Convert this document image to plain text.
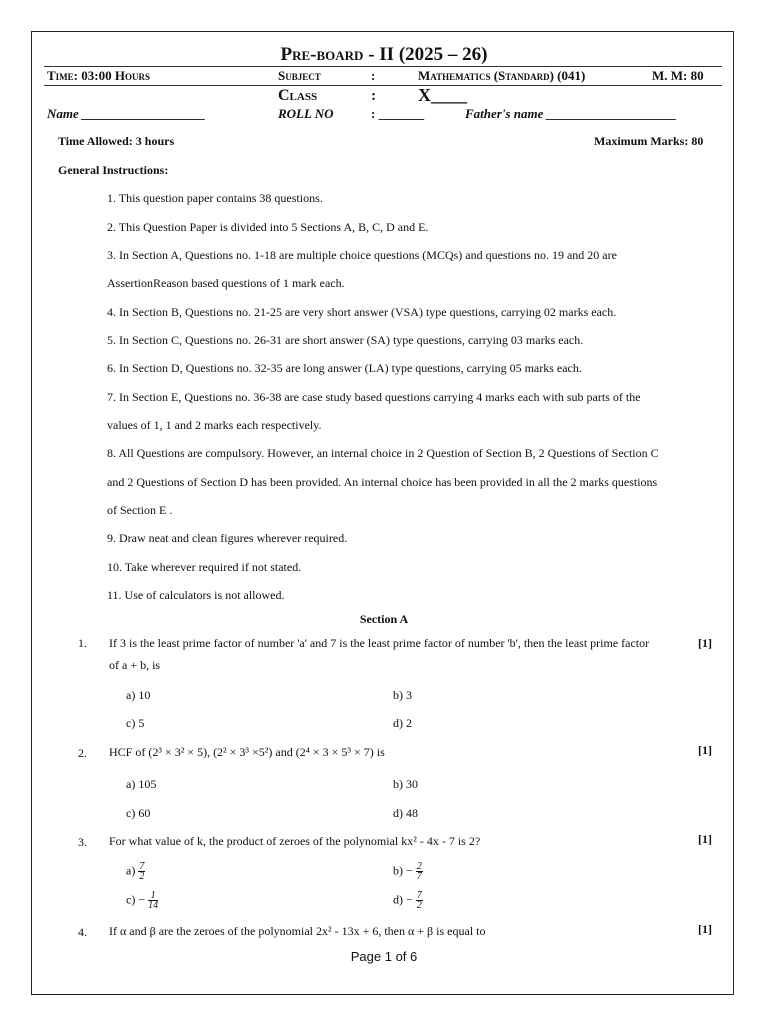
Pre-board - II (2025 – 26)
Time: 03:00 Hours	Subject	:	Mathematics (Standard) (041)	M. M: 80
Class	: X____
Name ___________________	ROLL NO	: _______	Father's name ____________________
Time Allowed: 3 hours	Maximum Marks: 80
General Instructions:
1. This question paper contains 38 questions.
2. This Question Paper is divided into 5 Sections A, B, C, D and E.
3. In Section A, Questions no. 1-18 are multiple choice questions (MCQs) and questions no. 19 and 20 are
AssertionReason based questions of 1 mark each.
4. In Section B, Questions no. 21-25 are very short answer (VSA) type questions, carrying 02 marks each.
5. In Section C, Questions no. 26-31 are short answer (SA) type questions, carrying 03 marks each.
6. In Section D, Questions no. 32-35 are long answer (LA) type questions, carrying 05 marks each.
7. In Section E, Questions no. 36-38 are case study based questions carrying 4 marks each with sub parts of the
values of 1, 1 and 2 marks each respectively.
8. All Questions are compulsory. However, an internal choice in 2 Question of Section B, 2 Questions of Section C
and 2 Questions of Section D has been provided. An internal choice has been provided in all the 2 marks questions
of Section E .
9. Draw neat and clean figures wherever required.
10. Take wherever required if not stated.
11. Use of calculators is not allowed.
Section A
1. If 3 is the least prime factor of number 'a' and 7 is the least prime factor of number 'b', then the least prime factor	[1]
of a + b, is
a) 10	b) 3
c) 5	d) 2
2. HCF of (2³ × 3² × 5), (2² × 3³ ×5²) and (2⁴ × 3 × 5³ × 7) is	[1]
a) 105	b) 30
c) 60	d) 48
3. For what value of k, the product of zeroes of the polynomial kx² - 4x - 7 is 2?	[1]
$a) \frac{7}{2}$	$b) - \frac{2}{7}$
$c) - \frac{1}{14}$	$d) - \frac{7}{2}$
4. If α and β are the zeroes of the polynomial 2x² - 13x + 6, then α + β is equal to	[1]
Page 1 of 6
